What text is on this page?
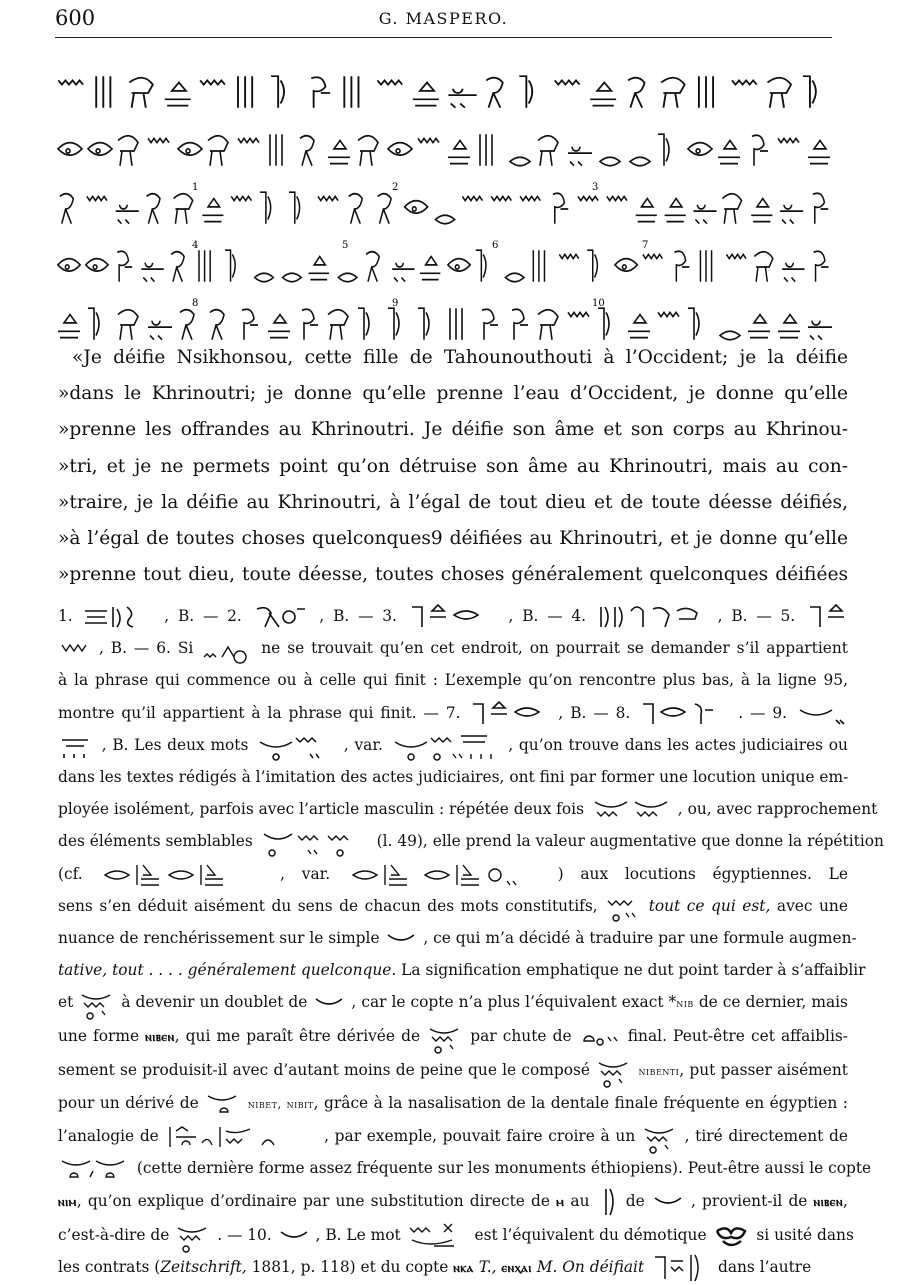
600	G. MASPERO.
1	2	3
4	5	6	7
8	9	10
«Je déifie Nsikhonsou, cette fille de Tahounouthouti à l’Occident; je la déifie
»dans le Khrinoutri; je donne qu’elle prenne l’eau d’Occident, je donne qu’elle
»prenne les offrandes au Khrinoutri. Je déifie son âme et son corps au Khrinou-
»tri, et je ne permets point qu’on détruise son âme au Khrinoutri, mais au con-
»traire, je la déifie au Khrinoutri, à l’égal de tout dieu et de toute déesse déifiés,
»à l’égal de toutes choses quelconques9 déifiées au Khrinoutri, et je donne qu’elle
»prenne tout dieu, toute déesse, toutes choses généralement quelconques déifiées
1.	, B. — 2.	, B. — 3.	, B. — 4.	, B. — 5.
, B. — 6. Si	ne se trouvait qu’en cet endroit, on pourrait se demander s’il appartient
à la phrase qui commence ou à celle qui finit : L’exemple qu’on rencontre plus bas, à la ligne 95,
montre qu’il appartient à la phrase qui finit. — 7.	, B. — 8.	. — 9.
, B. Les deux mots	, var.	, qu’on trouve dans les actes judiciaires ou
dans les textes rédigés à l’imitation des actes judiciaires, ont fini par former une locution unique em-
ployée isolément, parfois avec l’article masculin : répétée deux fois	, ou, avec rapprochement
des éléments semblables	(l. 49), elle prend la valeur augmentative que donne la répétition
(cf.	, var.	) aux locutions égyptiennes. Le
sens s’en déduit aisément du sens de chacun des mots constitutifs,	tout ce qui est, avec une
nuance de renchérissement sur le simple	, ce qui m’a décidé à traduire par une formule augmen-
tative, tout . . . . généralement quelconque. La signification emphatique ne dut point tarder à s’affaiblir
et	à devenir un doublet de	, car le copte n’a plus l’équivalent exact *nib de ce dernier, mais
une forme ⲛⲓⲃⲉⲛ, qui me paraît être dérivée de	par chute de	final. Peut-être cet affaiblis-
sement se produisit-il avec d’autant moins de peine que le composé	nibenti, put passer aisément
pour un dérivé de	nibet, nibit, grâce à la nasalisation de la dentale finale fréquente en égyptien :
l’analogie de	, par exemple, pouvait faire croire à un	, tiré directement de
(cette dernière forme assez fréquente sur les monuments éthiopiens). Peut-être aussi le copte
ⲛⲓⲙ, qu’on explique d’ordinaire par une substitution directe de ⲙ au de	, provient-il de ⲛⲓⲃⲉⲛ,
c’est-à-dire de	. — 10.	, B. Le mot	est l’équivalent du démotique	si usité dans
les contrats (Zeitschrift, 1881, p. 118) et du copte ⲛⲕⲁ T., ⲉⲛⲭⲁⲓ M. On déifiait	dans l’autre
